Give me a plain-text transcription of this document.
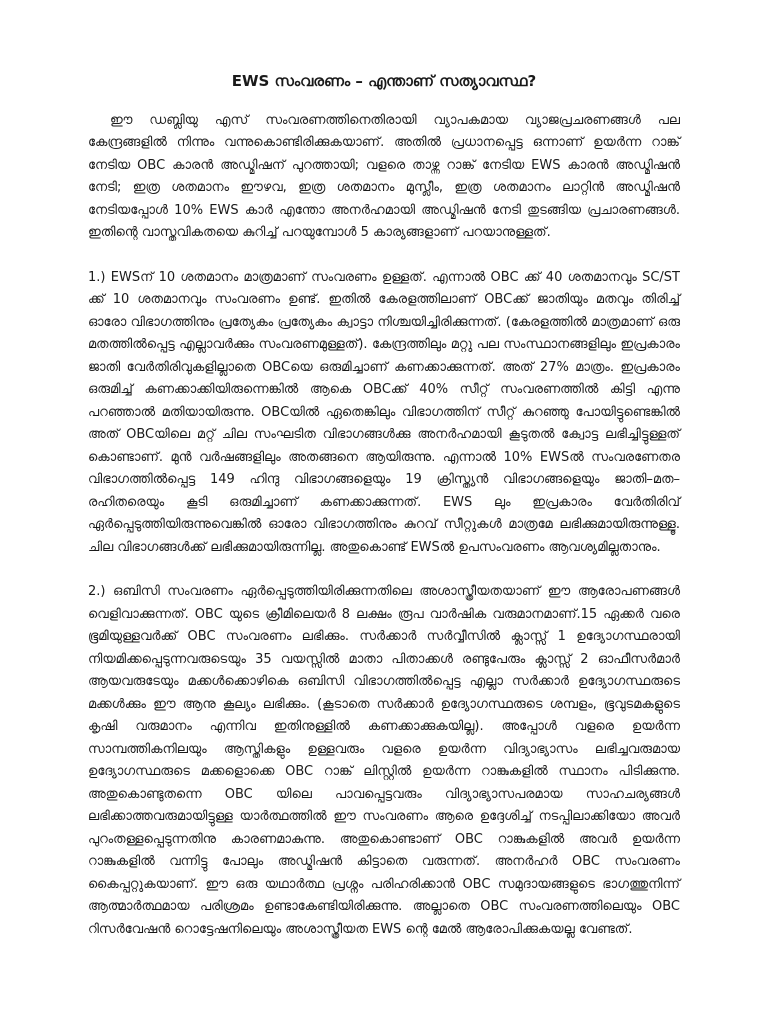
EWS സംവരണം – എന്താണ് സത്യാവസ്ഥ?

ഈ ഡബ്ലിയു എസ് സംവരണത്തിനെതിരായി വ്യാപകമായ വ്യാജപ്രചരണങ്ങൾ പല കേന്ദ്രങ്ങളിൽ നിന്നും വന്നുകൊണ്ടിരിക്കുകയാണ്. അതിൽ പ്രധാനപ്പെട്ട ഒന്നാണ് ഉയർന്ന റാങ്ക് നേടിയ OBC കാരൻ അഡ്മിഷന് പുറത്തായി; വളരെ താഴ്ന്ന റാങ്ക് നേടിയ EWS കാരൻ അഡ്മിഷൻ നേടി; ഇത്ര ശതമാനം ഈഴവ, ഇത്ര ശതമാനം മുസ്ലീം, ഇത്ര ശതമാനം ലാറ്റിൻ അഡ്മിഷൻ നേടിയപ്പോൾ 10% EWS കാർ എന്തോ അനർഹമായി അഡ്മിഷൻ നേടി തുടങ്ങിയ പ്രചാരണങ്ങൾ. ഇതിന്റെ വാസ്തവികതയെ കുറിച്ച് പറയുമ്പോൾ 5 കാര്യങ്ങളാണ് പറയാനുള്ളത്.

1.) EWSന് 10 ശതമാനം മാത്രമാണ് സംവരണം ഉള്ളത്. എന്നാൽ OBC ക്ക് 40 ശതമാനവും SC/ST ക്ക് 10 ശതമാനവും സംവരണം ഉണ്ട്. ഇതിൽ കേരളത്തിലാണ് OBCക്ക് ജാതിയും മതവും തിരിച്ച് ഓരോ വിഭാഗത്തിനും പ്രത്യേകം പ്രത്യേകം ക്വാട്ടാ നിശ്ചയിച്ചിരിക്കുന്നത്. (കേരളത്തിൽ മാത്രമാണ് ഒരു മതത്തിൽപ്പെട്ട എല്ലാവർക്കും സംവരണമുള്ളത്). കേന്ദ്രത്തിലും മറ്റു പല സംസ്ഥാനങ്ങളിലും ഇപ്രകാരം ജാതി വേർതിരിവുകളില്ലാതെ OBCയെ ഒരുമിച്ചാണ് കണക്കാക്കുന്നത്. അത് 27% മാത്രം. ഇപ്രകാരം ഒരുമിച്ച് കണക്കാക്കിയിരുന്നെങ്കിൽ ആകെ OBCക്ക് 40% സീറ്റ് സംവരണത്തിൽ കിട്ടി എന്നു പറഞ്ഞാൽ മതിയായിരുന്നു. OBCയിൽ ഏതെങ്കിലും വിഭാഗത്തിന് സീറ്റ് കുറഞ്ഞു പോയിട്ടുണ്ടെങ്കിൽ അത് OBCയിലെ മറ്റ് ചില സംഘടിത വിഭാഗങ്ങൾക്കു അനർഹമായി കൂടുതൽ ക്വോട്ട ലഭിച്ചിട്ടുള്ളത് കൊണ്ടാണ്. മുൻ വർഷങ്ങളിലും അതങ്ങനെ ആയിരുന്നു. എന്നാൽ 10% EWSൽ സംവരണേതര വിഭാഗത്തിൽപ്പെട്ട 149 ഹിന്ദു വിഭാഗങ്ങളെയും 19 ക്രിസ്ത്യൻ വിഭാഗങ്ങളെയും ജാതി–മത–രഹിതരെയും കൂടി ഒരുമിച്ചാണ് കണക്കാക്കുന്നത്. EWS ലും ഇപ്രകാരം വേർതിരിവ് ഏർപ്പെടുത്തിയിരുന്നുവെങ്കിൽ ഓരോ വിഭാഗത്തിനും കുറവ് സീറ്റുകൾ മാത്രമേ ലഭിക്കുമായിരുന്നുള്ളൂ. ചില വിഭാഗങ്ങൾക്ക് ലഭിക്കുമായിരുന്നില്ല. അതുകൊണ്ട് EWSൽ ഉപസംവരണം ആവശ്യമില്ലതാനും.

2.) ഒബിസി സംവരണം ഏർപ്പെടുത്തിയിരിക്കുന്നതിലെ അശാസ്ത്രീയതയാണ് ഈ ആരോപണങ്ങൾ വെളിവാക്കുന്നത്. OBC യുടെ ക്രീമിലെയർ 8 ലക്ഷം രൂപ വാർഷിക വരുമാനമാണ്.15 ഏക്കർ വരെ ഭൂമിയുള്ളവർക്ക് OBC സംവരണം ലഭിക്കും. സർക്കാർ സർവ്വീസിൽ ക്ലാസ്സ് 1 ഉദ്യോഗസ്ഥരായി നിയമിക്കപ്പെടുന്നവരുടെയും 35 വയസ്സിൽ മാതാ പിതാക്കൾ രണ്ടുപേരും ക്ലാസ്സ് 2 ഓഫീസർമാർ ആയവരുടേയും മക്കൾക്കൊഴികെ ഒബിസി വിഭാഗത്തിൽപ്പെട്ട എല്ലാ സർക്കാർ ഉദ്യോഗസ്ഥരുടെ മക്കൾക്കും ഈ ആനു കൂല്യം ലഭിക്കും. (കൂടാതെ സർക്കാർ ഉദ്യോഗസ്ഥരുടെ ശമ്പളം, ഭൂവുടമകളുടെ കൃഷി വരുമാനം എന്നിവ ഇതിനുള്ളിൽ കണക്കാക്കുകയില്ല). അപ്പോൾ വളരെ ഉയർന്ന സാമ്പത്തികനിലയും ആസ്തികളും ഉള്ളവരും വളരെ ഉയർന്ന വിദ്യാഭ്യാസം ലഭിച്ചവരുമായ ഉദ്യോഗസ്ഥരുടെ മക്കളൊക്കെ OBC റാങ്ക് ലിസ്റ്റിൽ ഉയർന്ന റാങ്കുകളിൽ സ്ഥാനം പിടിക്കുന്നു. അതുകൊണ്ടുതന്നെ OBC യിലെ പാവപ്പെട്ടവരും വിദ്യാഭ്യാസപരമായ സാഹചര്യങ്ങൾ ലഭിക്കാത്തവരുമായിട്ടുള്ള യാർത്ഥത്തിൽ ഈ സംവരണം ആരെ ഉദ്ദേശിച്ച് നടപ്പിലാക്കിയോ അവർ പുറംതള്ളപ്പെടുന്നതിനു കാരണമാകുന്നു. അതുകൊണ്ടാണ് OBC റാങ്കുകളിൽ അവർ ഉയർന്ന റാങ്കുകളിൽ വന്നിട്ടു പോലും അഡ്മിഷൻ കിട്ടാതെ വരുന്നത്. അനർഹർ OBC സംവരണം കൈപ്പറ്റുകയാണ്. ഈ ഒരു യഥാർത്ഥ പ്രശ്നം പരിഹരിക്കാൻ OBC സമുദായങ്ങളുടെ ഭാഗത്തുനിന്ന് ആത്മാർത്ഥമായ പരിശ്രമം ഉണ്ടാകേണ്ടിയിരിക്കുന്നു. അല്ലാതെ OBC സംവരണത്തിലെയും OBC റിസർവേഷൻ റൊട്ടേഷനിലെയും അശാസ്ത്രീയത EWS ന്റെ മേൽ ആരോപിക്കുകയല്ല വേണ്ടത്.
